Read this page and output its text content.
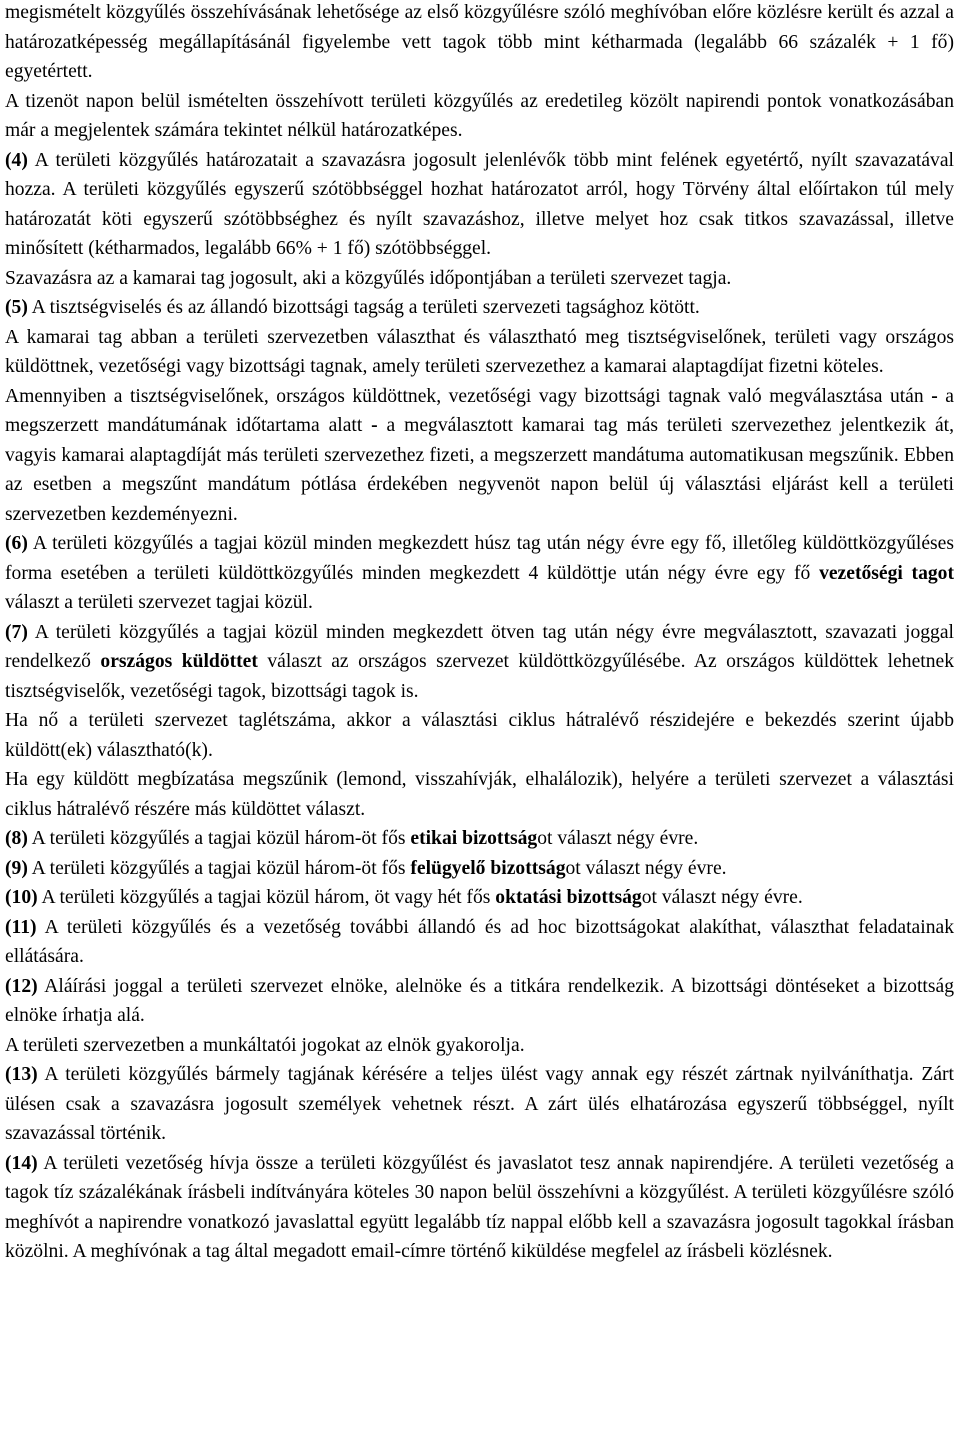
megismételt közgyűlés összehívásának lehetősége az első közgyűlésre szóló meghívóban előre közlésre került és azzal a határozatképesség megállapításánál figyelembe vett tagok több mint kétharmada (legalább 66 százalék + 1 fő) egyetértett.

A tizenöt napon belül ismételten összehívott területi közgyűlés az eredetileg közölt napirendi pontok vonatkozásában már a megjelentek számára tekintet nélkül határozatképes.

(4) A területi közgyűlés határozatait a szavazásra jogosult jelenlévők több mint felének egyetértő, nyílt szavazatával hozza. A területi közgyűlés egyszerű szótöbbséggel hozhat határozatot arról, hogy Törvény által előírtakon túl mely határozatát köti egyszerű szótöbbséghez és nyílt szavazáshoz, illetve melyet hoz csak titkos szavazással, illetve minősített (kétharmados, legalább 66% + 1 fő) szótöbbséggel.

Szavazásra az a kamarai tag jogosult, aki a közgyűlés időpontjában a területi szervezet tagja.

(5) A tisztségviselés és az állandó bizottsági tagság a területi szervezeti tagsághoz kötött.

A kamarai tag abban a területi szervezetben választhat és választható meg tisztségviselőnek, területi vagy országos küldöttnek, vezetőségi vagy bizottsági tagnak, amely területi szervezethez a kamarai alaptagdíjat fizetni köteles.

Amennyiben a tisztségviselőnek, országos küldöttnek, vezetőségi vagy bizottsági tagnak való megválasztása után - a megszerzett mandátumának időtartama alatt - a megválasztott kamarai tag más területi szervezethez jelentkezik át, vagyis kamarai alaptagdíját más területi szervezethez fizeti, a megszerzett mandátuma automatikusan megszűnik. Ebben az esetben a megszűnt mandátum pótlása érdekében negyvenöt napon belül új választási eljárást kell a területi szervezetben kezdeményezni.

(6) A területi közgyűlés a tagjai közül minden megkezdett húsz tag után négy évre egy fő, illetőleg küldöttközgyűléses forma esetében a területi küldöttközgyűlés minden megkezdett 4 küldöttje után négy évre egy fő vezetőségi tagot választ a területi szervezet tagjai közül.

(7) A területi közgyűlés a tagjai közül minden megkezdett ötven tag után négy évre megválasztott, szavazati joggal rendelkező országos küldöttet választ az országos szervezet küldöttközgyűlésébe. Az országos küldöttek lehetnek tisztségviselők, vezetőségi tagok, bizottsági tagok is.

Ha nő a területi szervezet taglétszáma, akkor a választási ciklus hátralévő részidejére e bekezdés szerint újabb küldött(ek) választható(k).

Ha egy küldött megbízatása megszűnik (lemond, visszahívják, elhalálozik), helyére a területi szervezet a választási ciklus hátralévő részére más küldöttet választ.

(8) A területi közgyűlés a tagjai közül három-öt fős etikai bizottságot választ négy évre.

(9) A területi közgyűlés a tagjai közül három-öt fős felügyelő bizottságot választ négy évre.

(10) A területi közgyűlés a tagjai közül három, öt vagy hét fős oktatási bizottságot választ négy évre.

(11) A területi közgyűlés és a vezetőség további állandó és ad hoc bizottságokat alakíthat, választhat feladatainak ellátására.

(12) Aláírási joggal a területi szervezet elnöke, alelnöke és a titkára rendelkezik. A bizottsági döntéseket a bizottság elnöke írhatja alá.

A területi szervezetben a munkáltatói jogokat az elnök gyakorolja.

(13) A területi közgyűlés bármely tagjának kérésére a teljes ülést vagy annak egy részét zártnak nyilváníthatja. Zárt ülésen csak a szavazásra jogosult személyek vehetnek részt. A zárt ülés elhatározása egyszerű többséggel, nyílt szavazással történik.

(14) A területi vezetőség hívja össze a területi közgyűlést és javaslatot tesz annak napirendjére. A területi vezetőség a tagok tíz százalékának írásbeli indítványára köteles 30 napon belül összehívni a közgyűlést. A területi közgyűlésre szóló meghívót a napirendre vonatkozó javaslattal együtt legalább tíz nappal előbb kell a szavazásra jogosult tagokkal írásban közölni. A meghívónak a tag által megadott email-címre történő kiküldése megfelel az írásbeli közlésnek.
